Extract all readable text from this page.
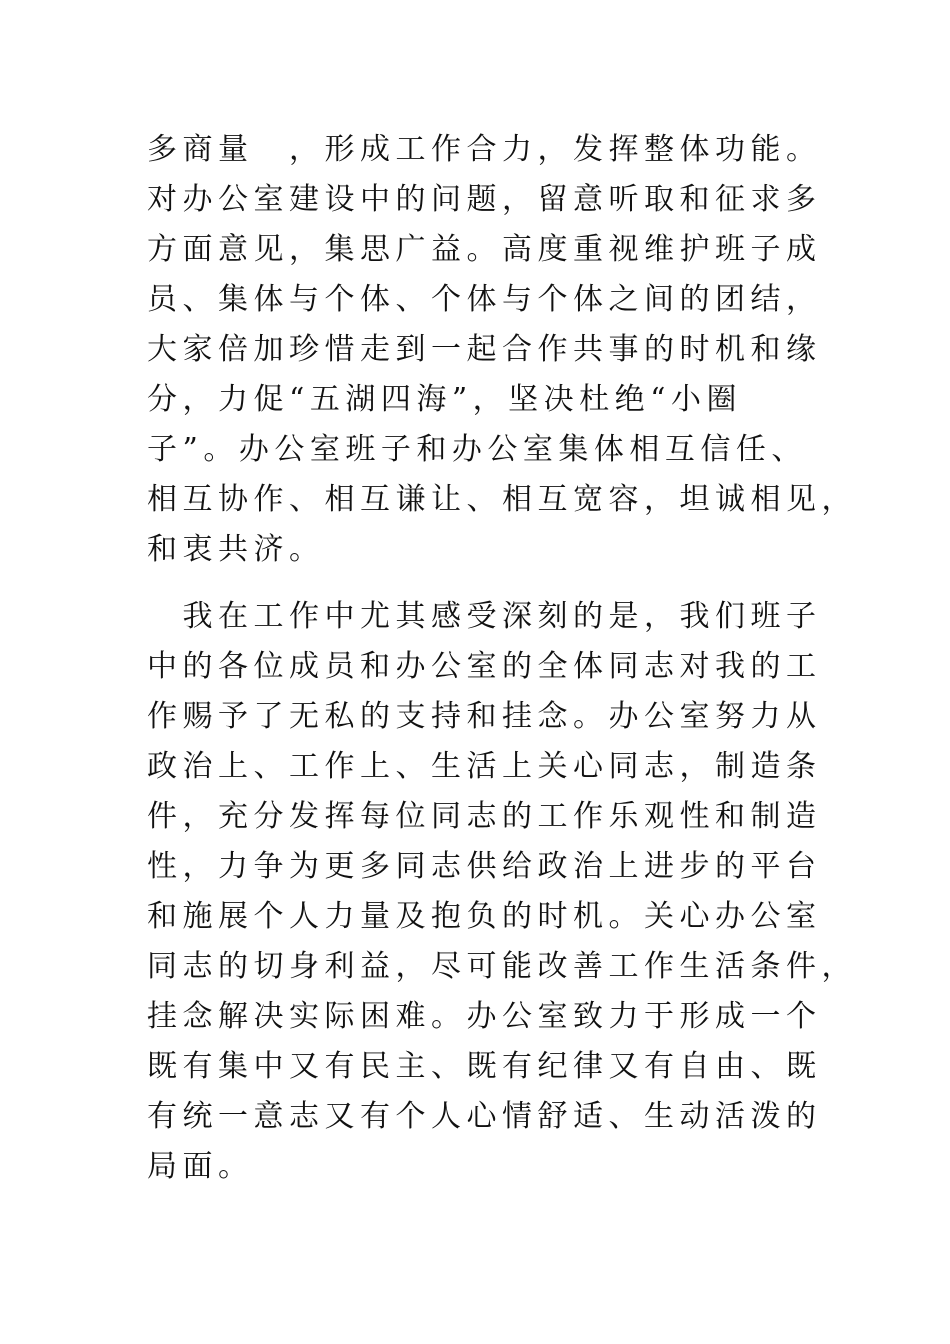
多商量　，形成工作合力，发挥整体功能。
对办公室建设中的问题，留意听取和征求多
方面意见，集思广益。高度重视维护班子成
员、集体与个体、个体与个体之间的团结，
大家倍加珍惜走到一起合作共事的时机和缘
分，力促“五湖四海”，坚决杜绝“小圈
子”。办公室班子和办公室集体相互信任、
相互协作、相互谦让、相互宽容，坦诚相见，
和衷共济。
　我在工作中尤其感受深刻的是，我们班子
中的各位成员和办公室的全体同志对我的工
作赐予了无私的支持和挂念。办公室努力从
政治上、工作上、生活上关心同志，制造条
件，充分发挥每位同志的工作乐观性和制造
性，力争为更多同志供给政治上进步的平台
和施展个人力量及抱负的时机。关心办公室
同志的切身利益，尽可能改善工作生活条件，
挂念解决实际困难。办公室致力于形成一个
既有集中又有民主、既有纪律又有自由、既
有统一意志又有个人心情舒适、生动活泼的
局面。
